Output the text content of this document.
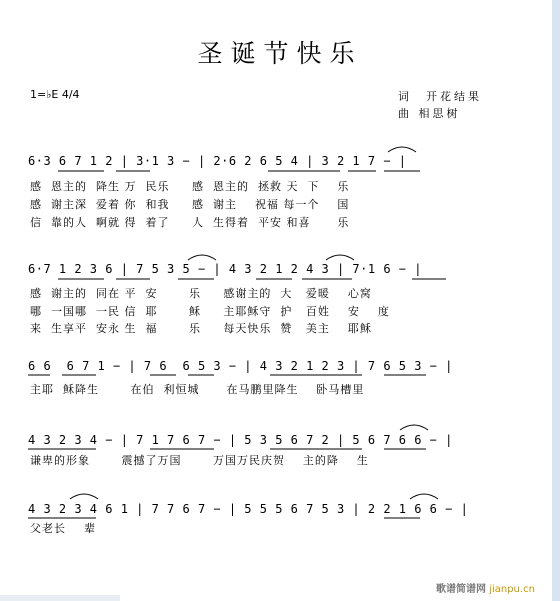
圣诞节快乐
1=♭E 4/4	词　开花结果
曲 相思树
6·3 6 7 1 2 | 3·1 3 − | 2·6 2 6 5 4 | 3 2 1 7 − |
感  恩主的  降生 万  民乐     感  恩主的  拯救 天  下    乐
感  谢主深  爱着 你  和我     感  谢主    祝福 每一个    国
信  靠的人  啊就 得  着了     人  生得着  平安 和喜      乐
6·7 1 2 3 6 | 7 5 3 5 − | 4 3 2 1 2 4 3 | 7·1 6 − |
感  谢主的  同在 平  安       乐     感谢主的  大   爱暖    心窝
哪  一国哪  一民 信  耶       稣     主耶稣守  护   百姓    安    度
来  生享平  安永 生  福       乐     每天快乐  赞   美主    耶稣
6 6  6 7 1 − | 7 6  6 5 3 − | 4 3 2 1 2 3 | 7 6 5 3 − |
主耶  稣降生       在伯  利恒城      在马鹏里降生    卧马槽里
4 3 2 3 4 − | 7 1 7 6 7 − | 5 3 5 6 7 2 | 5 6 7 6 6 − |
谦卑的形象       震撼了万国       万国万民庆贺    主的降    生
4 3 2 3 4 6 1 | 7 7 6 7 − | 5 5 5 6 7 5 3 | 2 2 1 6 6 − |
父老长    辈
歌谱简谱网 jianpu.cn
